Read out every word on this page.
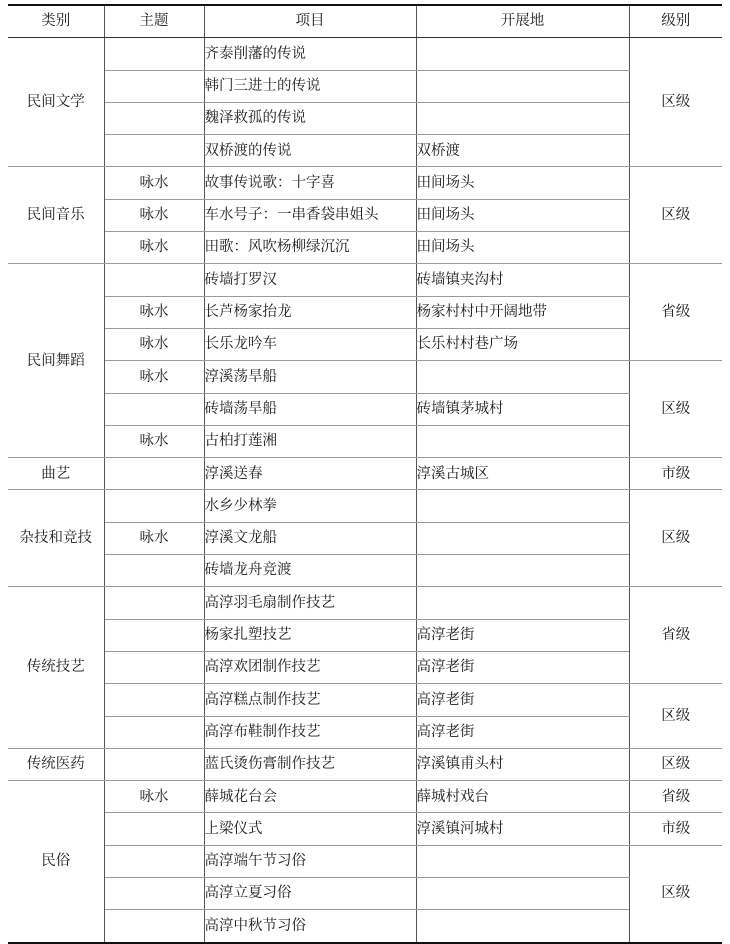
类别	主题	项目	开展地	级别
民间文学		齐泰削藩的传说		区级
		韩门三进士的传说		
		魏泽救孤的传说		
		双桥渡的传说	双桥渡	
民间音乐	咏水	故事传说歌：十字喜	田间场头	区级
	咏水	车水号子：一串香袋串姐头	田间场头	
	咏水	田歌：风吹杨柳绿沉沉	田间场头	
民间舞蹈		砖墙打罗汉	砖墙镇夹沟村	省级
	咏水	长芦杨家抬龙	杨家村村中开阔地带	
	咏水	长乐龙吟车	长乐村村巷广场	
	咏水	淳溪荡旱船		区级
		砖墙荡旱船	砖墙镇茅城村	
	咏水	古柏打莲湘		
曲艺		淳溪送春	淳溪古城区	市级
杂技和竞技		水乡少林拳		区级
	咏水	淳溪文龙船		
		砖墙龙舟竞渡		
传统技艺		高淳羽毛扇制作技艺		省级
		杨家扎塑技艺	高淳老街	
		高淳欢团制作技艺	高淳老街	
		高淳糕点制作技艺	高淳老街	区级
		高淳布鞋制作技艺	高淳老街	
传统医药		蓝氏烫伤膏制作技艺	淳溪镇甫头村	区级
民俗	咏水	薛城花台会	薛城村戏台	省级
		上梁仪式	淳溪镇河城村	市级
		高淳端午节习俗		区级
		高淳立夏习俗		
		高淳中秋节习俗		
